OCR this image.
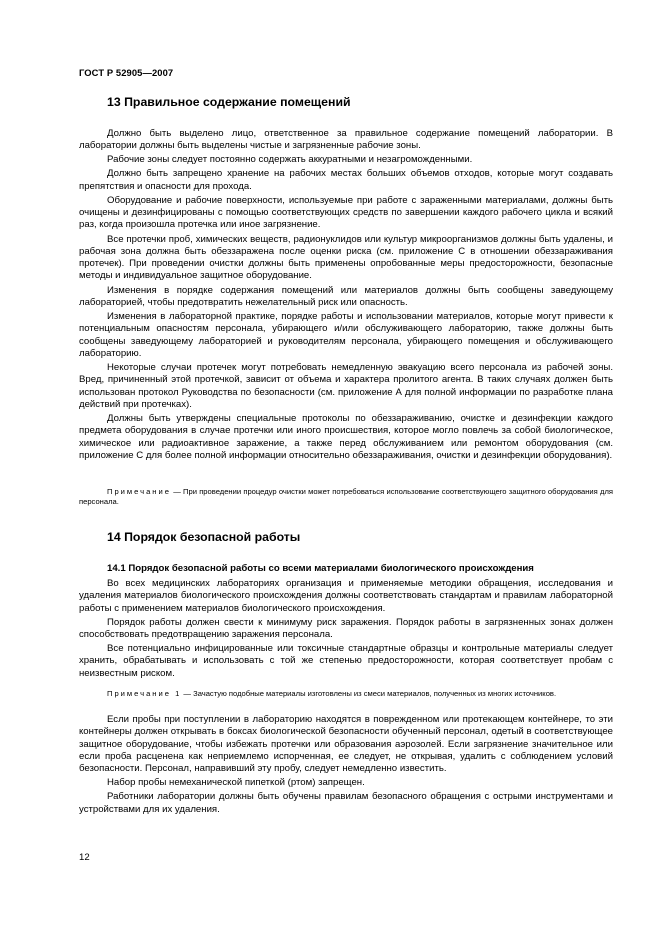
ГОСТ Р 52905—2007
13 Правильное содержание помещений

Должно быть выделено лицо, ответственное за правильное содержание помещений лаборатории. В лаборатории должны быть выделены чистые и загрязненные рабочие зоны.

Рабочие зоны следует постоянно содержать аккуратными и незагроможденными.

Должно быть запрещено хранение на рабочих местах больших объемов отходов, которые могут создавать препятствия и опасности для прохода.

Оборудование и рабочие поверхности, используемые при работе с зараженными материалами, должны быть очищены и дезинфицированы с помощью соответствующих средств по завершении каждого рабочего цикла и всякий раз, когда произошла протечка или иное загрязнение.

Все протечки проб, химических веществ, радионуклидов или культур микроорганизмов должны быть удалены, и рабочая зона должна быть обеззаражена после оценки риска (см. приложение С в отношении обеззараживания протечек). При проведении очистки должны быть применены опробованные меры предосторожности, безопасные методы и индивидуальное защитное оборудование.

Изменения в порядке содержания помещений или материалов должны быть сообщены заведующему лабораторией, чтобы предотвратить нежелательный риск или опасность.

Изменения в лабораторной практике, порядке работы и использовании материалов, которые могут привести к потенциальным опасностям персонала, убирающего и/или обслуживающего лабораторию, также должны быть сообщены заведующему лабораторией и руководителям персонала, убирающего помещения и обслуживающего лабораторию.

Некоторые случаи протечек могут потребовать немедленную эвакуацию всего персонала из рабочей зоны. Вред, причиненный этой протечкой, зависит от объема и характера пролитого агента. В таких случаях должен быть использован протокол Руководства по безопасности (см. приложение А для полной информации по разработке плана действий при протечках).

Должны быть утверждены специальные протоколы по обеззараживанию, очистке и дезинфекции каждого предмета оборудования в случае протечки или иного происшествия, которое могло повлечь за собой биологическое, химическое или радиоактивное заражение, а также перед обслуживанием или ремонтом оборудования (см. приложение С для более полной информации относительно обеззараживания, очистки и дезинфекции оборудования).

Примечание — При проведении процедур очистки может потребоваться использование соответствующего защитного оборудования для персонала.

14 Порядок безопасной работы
14.1 Порядок безопасной работы со всеми материалами биологического происхождения

Во всех медицинских лабораториях организация и применяемые методики обращения, исследования и удаления материалов биологического происхождения должны соответствовать стандартам и правилам лабораторной работы с применением материалов биологического происхождения.

Порядок работы должен свести к минимуму риск заражения. Порядок работы в загрязненных зонах должен способствовать предотвращению заражения персонала.

Все потенциально инфицированные или токсичные стандартные образцы и контрольные материалы следует хранить, обрабатывать и использовать с той же степенью предосторожности, которая соответствует пробам с неизвестным риском.

Примечание 1 — Зачастую подобные материалы изготовлены из смеси материалов, полученных из многих источников.

Если пробы при поступлении в лабораторию находятся в поврежденном или протекающем контейнере, то эти контейнеры должен открывать в боксах биологической безопасности обученный персонал, одетый в соответствующее защитное оборудование, чтобы избежать протечки или образования аэрозолей. Если загрязнение значительное или если проба расценена как неприемлемо испорченная, ее следует, не открывая, удалить с соблюдением условий безопасности. Персонал, направивший эту пробу, следует немедленно известить.

Набор пробы немеханической пипеткой (ртом) запрещен.

Работники лаборатории должны быть обучены правилам безопасного обращения с острыми инструментами и устройствами для их удаления.

12
